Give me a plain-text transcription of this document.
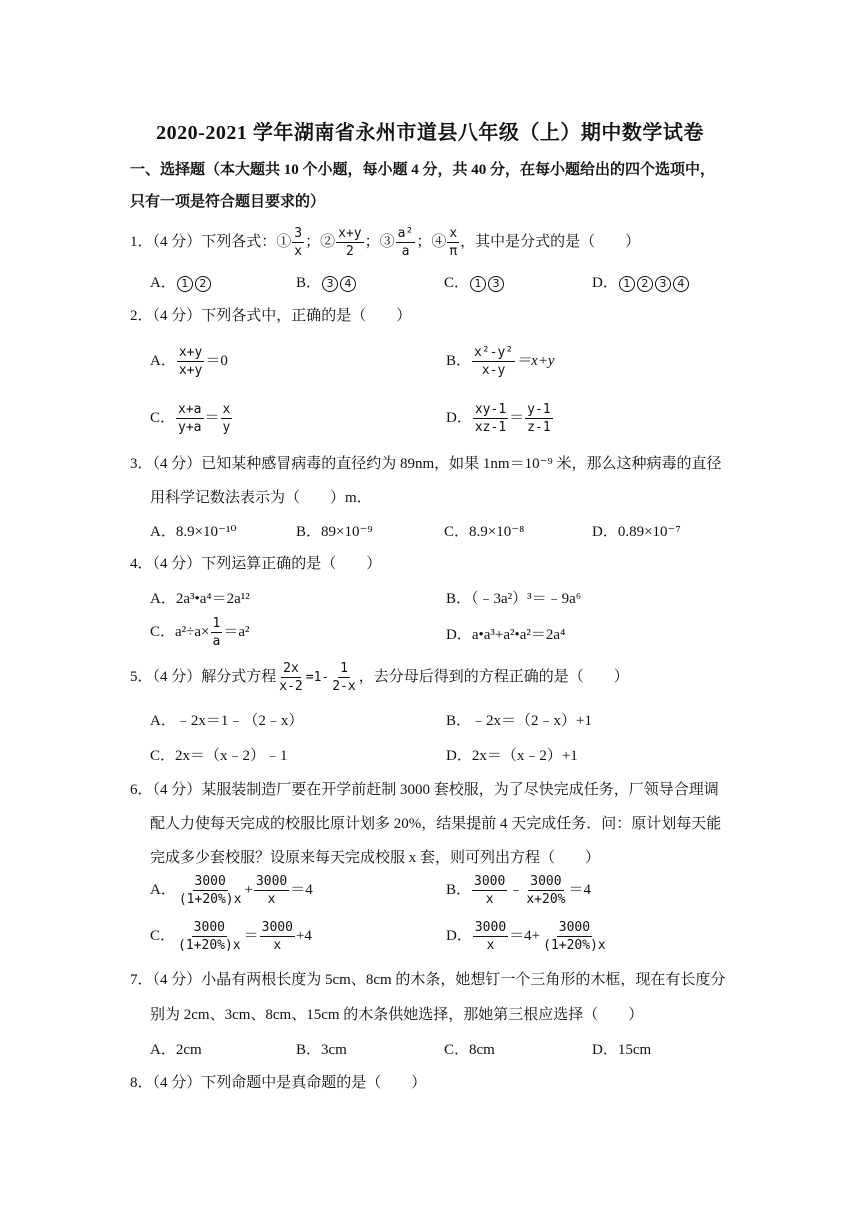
2020-2021 学年湖南省永州市道县八年级（上）期中数学试卷
一、选择题（本大题共 10 个小题，每小题 4 分，共 40 分，在每小题给出的四个选项中，
只有一项是符合题目要求的）
1．（4 分）下列各式：① $\frac{3}{x}$ ；② $\frac{x+y}{2}$ ；③ $\frac{\text{a²}}{a}$ ；④ $\frac{x}{\pi}$ ，其中是分式的是（　　）
A． 1 2	B． 3 4	C． 1 3	D． 1 2 3 4
2．（4 分）下列各式中，正确的是（　　）
A． $\frac{x+y}{x+y} =0$	B． $\frac{\text{x²-y²}}{x-y} =x+y$
C． $\frac{x+a}{y+a} = \frac{x}{y}$	D． $\frac{xy-1}{xz-1} = \frac{y-1}{z-1}$
3．（4 分）已知某种感冒病毒的直径约为 89nm，如果 1nm＝10⁻⁹ 米，那么这种病毒的直径
用科学记数法表示为（　　）m．
A．8.9×10⁻¹⁰	B．89×10⁻⁹	C．8.9×10⁻⁸	D．0.89×10⁻⁷
4．（4 分）下列运算正确的是（　　）
A．2a³•a⁴＝2a¹²	B．（﹣3a²）³＝﹣9a⁶
C．$a^2\div a\times \frac{1}{a} =a^2$	D．a•a³+a²•a²＝2a⁴
5．（4 分）解分式方程 $\frac{2x}{x-2} =1- \frac{1}{2-x}$ ，去分母后得到的方程正确的是（　　）
A．﹣2x＝1﹣（2﹣x）	B．﹣2x＝（2﹣x）+1
C．2x＝（x﹣2）﹣1	D．2x＝（x﹣2）+1
6．（4 分）某服装制造厂要在开学前赶制 3000 套校服，为了尽快完成任务，厂领导合理调
配人力使每天完成的校服比原计划多 20%，结果提前 4 天完成任务．问：原计划每天能
完成多少套校服？设原来每天完成校服 x 套，则可列出方程（　　）
A． $\frac{3000}{(1+20\%)x} + \frac{3000}{x} =4$	B． $\frac{3000}{x}$ ﹣ $\frac{3000}{x+20\%} =4$
C． $\frac{3000}{(1+20\%)x} = \frac{3000}{x} +4$	D． $\frac{3000}{x} =4+ \frac{3000}{(1+20\%)x}$
7．（4 分）小晶有两根长度为 5cm、8cm 的木条，她想钉一个三角形的木框，现在有长度分
别为 2cm、3cm、8cm、15cm 的木条供她选择，那她第三根应选择（　　）
A．2cm	B．3cm	C．8cm	D．15cm
8．（4 分）下列命题中是真命题的是（　　）
